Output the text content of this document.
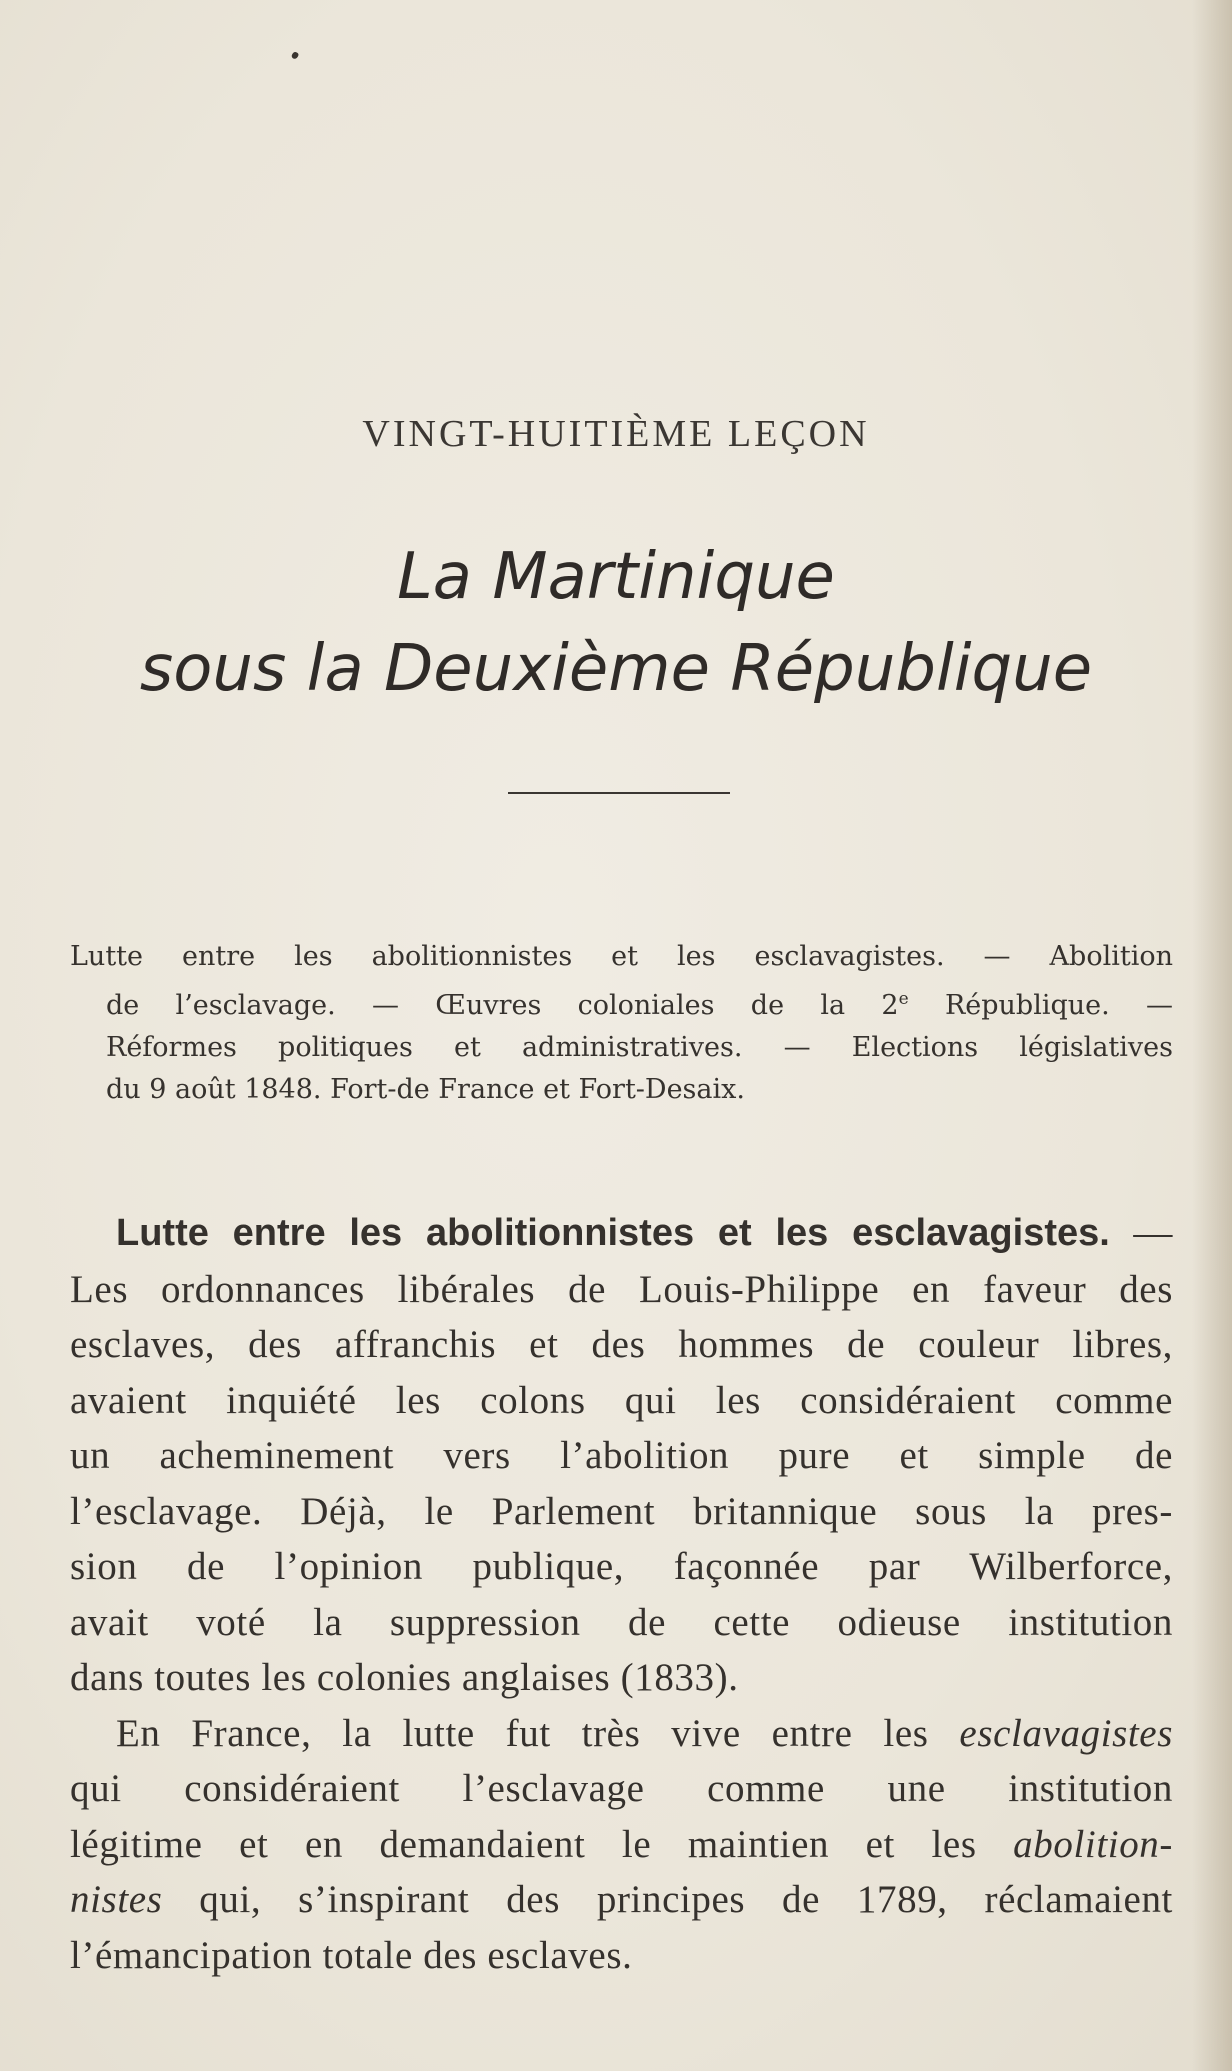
VINGT-HUITIÈME LEÇON
La Martinique
sous la Deuxième République
Lutte entre les abolitionnistes et les esclavagistes. — Abolition
de l’esclavage. — Œuvres coloniales de la 2e République. —
Réformes politiques et administratives. — Elections législatives
du 9 août 1848. Fort-de France et Fort-Desaix.
Lutte entre les abolitionnistes et les esclavagistes. —
Les ordonnances libérales de Louis-Philippe en faveur des
esclaves, des affranchis et des hommes de couleur libres,
avaient inquiété les colons qui les considéraient comme
un acheminement vers l’abolition pure et simple de
l’esclavage. Déjà, le Parlement britannique sous la pres-
sion de l’opinion publique, façonnée par Wilberforce,
avait voté la suppression de cette odieuse institution
dans toutes les colonies anglaises (1833).
En France, la lutte fut très vive entre les esclavagistes
qui considéraient l’esclavage comme une institution
légitime et en demandaient le maintien et les abolition-
nistes qui, s’inspirant des principes de 1789, réclamaient
l’émancipation totale des esclaves.
